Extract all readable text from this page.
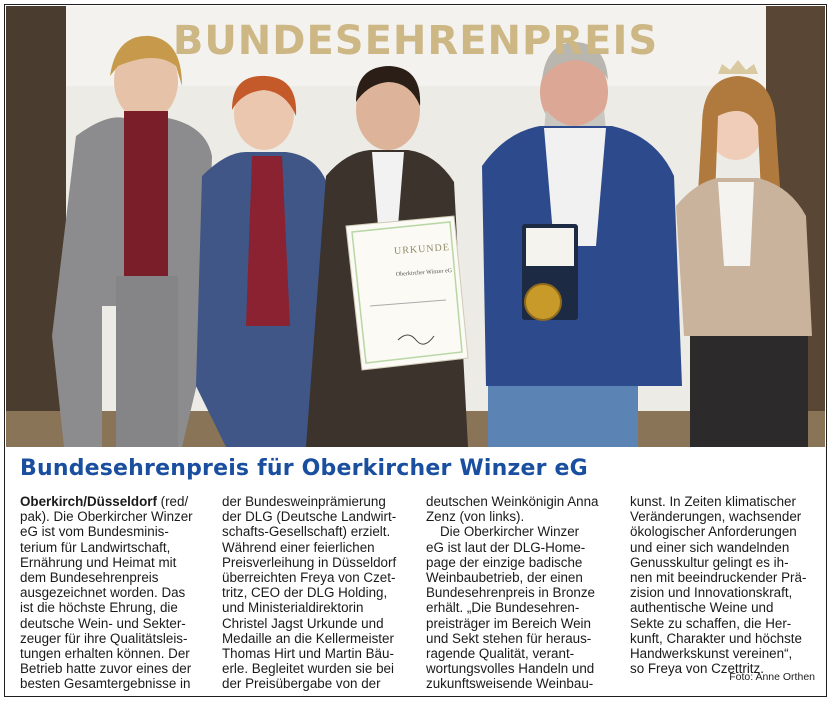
BUNDESEHRENPREIS
URKUNDE
Oberkircher Winzer eG
Bundesehrenpreis für Oberkircher Winzer eG
Oberkirch/Düsseldorf (red/
pak). Die Oberkircher Winzer
eG ist vom Bundesminis-
terium für Landwirtschaft,
Ernährung und Heimat mit
dem Bundesehrenpreis
ausgezeichnet worden. Das
ist die höchste Ehrung, die
deutsche Wein- und Sekter-
zeuger für ihre Qualitätsleis-
tungen erhalten können. Der
Betrieb hatte zuvor eines der
besten Gesamtergebnisse in
der Bundesweinprämierung
der DLG (Deutsche Landwirt-
schafts-Gesellschaft) erzielt.
Während einer feierlichen
Preisverleihung in Düsseldorf
überreichten Freya von Czet-
tritz, CEO der DLG Holding,
und Ministerialdirektorin
Christel Jagst Urkunde und
Medaille an die Kellermeister
Thomas Hirt und Martin Bäu-
erle. Begleitet wurden sie bei
der Preisübergabe von der
deutschen Weinkönigin Anna
Zenz (von links).
Die Oberkircher Winzer
eG ist laut der DLG-Home-
page der einzige badische
Weinbaubetrieb, der einen
Bundesehrenpreis in Bronze
erhält. „Die Bundesehren-
preisträger im Bereich Wein
und Sekt stehen für heraus-
ragende Qualität, verant-
wortungsvolles Handeln und
zukunftsweisende Weinbau-
kunst. In Zeiten klimatischer
Veränderungen, wachsender
ökologischer Anforderungen
und einer sich wandelnden
Genusskultur gelingt es ih-
nen mit beeindruckender Prä-
zision und Innovationskraft,
authentische Weine und
Sekte zu schaffen, die Her-
kunft, Charakter und höchste
Handwerkskunst vereinen“,
so Freya von Czettritz.
Foto: Anne Orthen
